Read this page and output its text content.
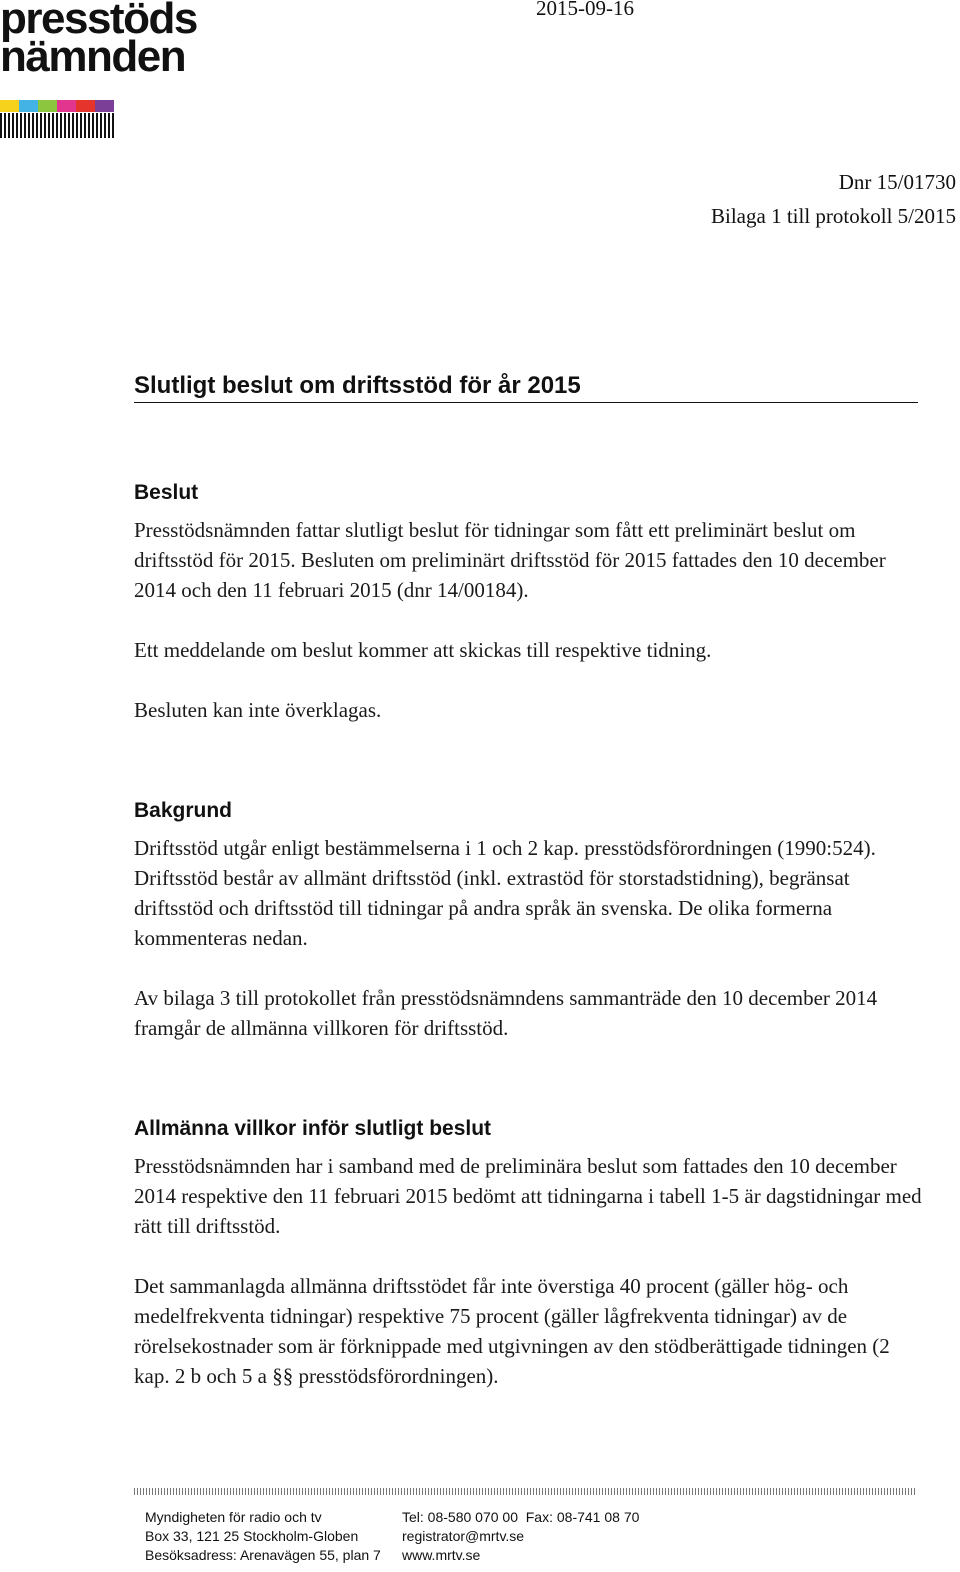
presstöds
nämnden
2015-09-16
Dnr 15/01730
Bilaga 1 till protokoll 5/2015
Slutligt beslut om driftsstöd för år 2015
Beslut

Presstödsnämnden fattar slutligt beslut för tidningar som fått ett preliminärt beslut om driftsstöd för 2015. Besluten om preliminärt driftsstöd för 2015 fattades den 10 december 2014 och den 11 februari 2015 (dnr 14/00184).

Ett meddelande om beslut kommer att skickas till respektive tidning.

Besluten kan inte överklagas.

Bakgrund

Driftsstöd utgår enligt bestämmelserna i 1 och 2 kap. presstödsförordningen (1990:524). Driftsstöd består av allmänt driftsstöd (inkl. extrastöd för storstadstidning), begränsat driftsstöd och driftsstöd till tidningar på andra språk än svenska. De olika formerna kommenteras nedan.

Av bilaga 3 till protokollet från presstödsnämndens sammanträde den 10 december 2014 framgår de allmänna villkoren för driftsstöd.

Allmänna villkor inför slutligt beslut

Presstödsnämnden har i samband med de preliminära beslut som fattades den 10 december 2014 respektive den 11 februari 2015 bedömt att tidningarna i tabell 1-5 är dagstidningar med rätt till driftsstöd.

Det sammanlagda allmänna driftsstödet får inte överstiga 40 procent (gäller hög- och medelfrekventa tidningar) respektive 75 procent (gäller lågfrekventa tidningar) av de rörelsekostnader som är förknippade med utgivningen av den stödberättigade tidningen (2 kap. 2 b och 5 a §§ presstödsförordningen).

Myndigheten för radio och tv
Box 33, 121 25 Stockholm-Globen
Besöksadress: Arenavägen 55, plan 7
Tel: 08-580 070 00  Fax: 08-741 08 70
registrator@mrtv.se
www.mrtv.se
